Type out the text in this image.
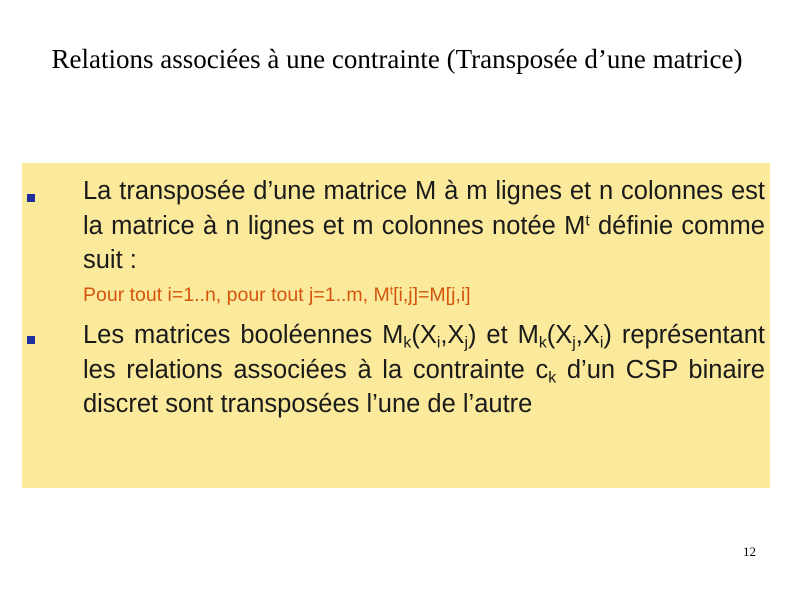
Relations associées à une contrainte (Transposée d’une matrice)
La transposée d’une matrice M à m lignes et n colonnes est la matrice à n lignes et m colonnes notée $M^t$ définie comme suit :
Pour tout i=1..n, pour tout j=1..m, $M^t[i,j]=M[j,i]$
Les matrices booléennes $M_k(X_i,X_j)$ et $M_k(X_j,X_i)$ représentant les relations associées à la contrainte $c_k$ d’un CSP binaire discret sont transposées l’une de l’autre
12
